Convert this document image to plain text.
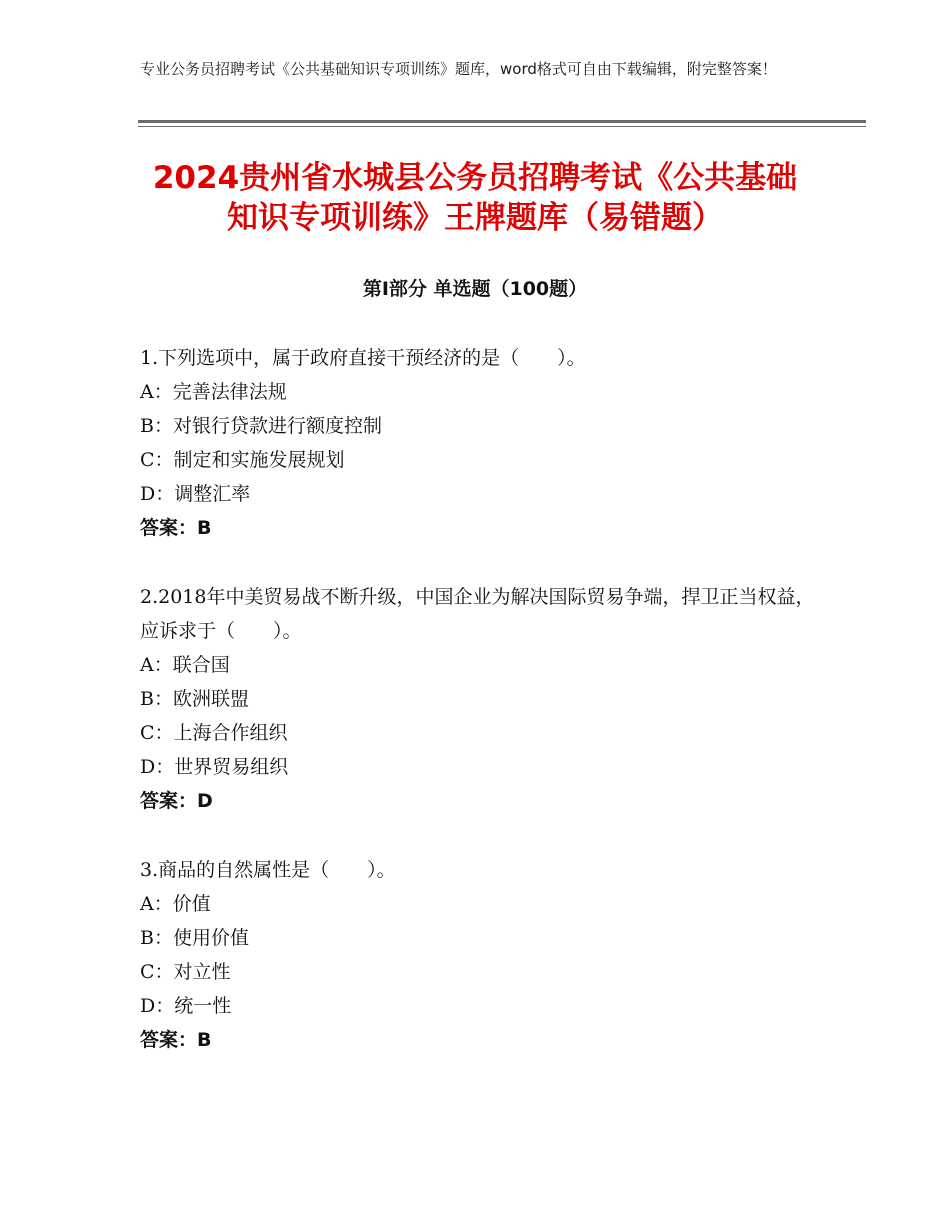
专业公务员招聘考试《公共基础知识专项训练》题库，word格式可自由下载编辑，附完整答案！
2024贵州省水城县公务员招聘考试《公共基础知识专项训练》王牌题库（易错题）
第Ⅰ部分 单选题（100题）

1.下列选项中，属于政府直接干预经济的是（　　）。

A：完善法律法规

B：对银行贷款进行额度控制

C：制定和实施发展规划

D：调整汇率

答案：B

2.2018年中美贸易战不断升级，中国企业为解决国际贸易争端，捍卫正当权益，应诉求于（　　）。

A：联合国

B：欧洲联盟

C：上海合作组织

D：世界贸易组织

答案：D

3.商品的自然属性是（　　）。

A：价值

B：使用价值

C：对立性

D：统一性

答案：B
